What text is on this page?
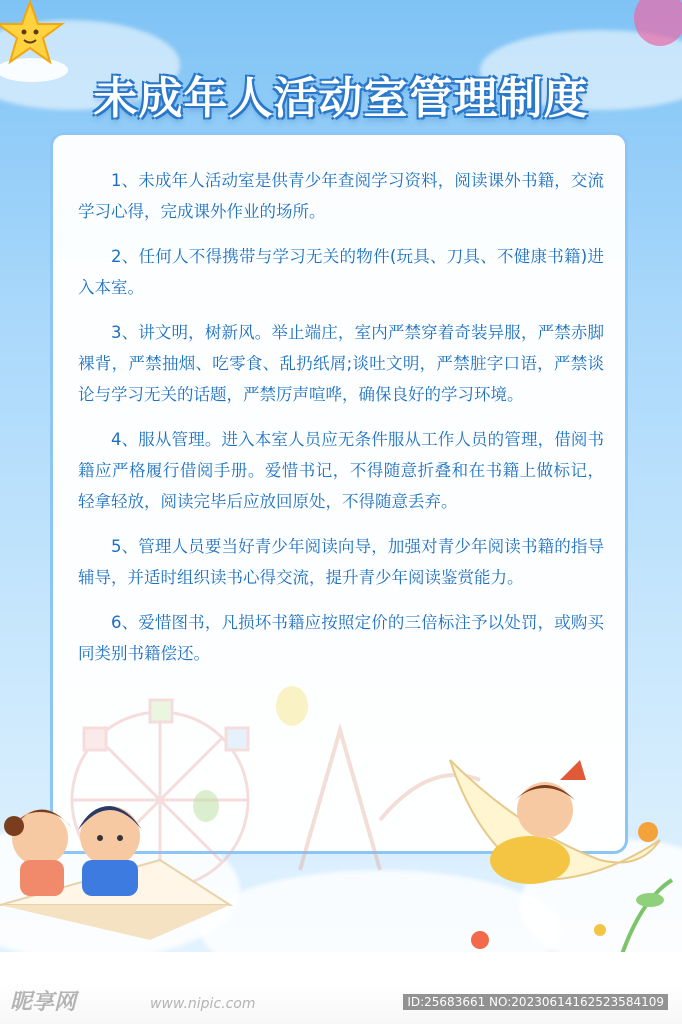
未成年人活动室管理制度

1、未成年人活动室是供青少年查阅学习资料，阅读课外书籍，交流学习心得，完成课外作业的场所。

2、任何人不得携带与学习无关的物件(玩具、刀具、不健康书籍)进入本室。

3、讲文明，树新风。举止端庄，室内严禁穿着奇装异服，严禁赤脚裸背，严禁抽烟、吃零食、乱扔纸屑;谈吐文明，严禁脏字口语，严禁谈论与学习无关的话题，严禁厉声喧哗，确保良好的学习环境。

4、服从管理。进入本室人员应无条件服从工作人员的管理，借阅书籍应严格履行借阅手册。爱惜书记，不得随意折叠和在书籍上做标记，轻拿轻放，阅读完毕后应放回原处，不得随意丢弃。

5、管理人员要当好青少年阅读向导，加强对青少年阅读书籍的指导辅导，并适时组织读书心得交流，提升青少年阅读鉴赏能力。

6、爱惜图书，凡损坏书籍应按照定价的三倍标注予以处罚，或购买同类别书籍偿还。

昵享网	www.nipic.com	ID:25683661 NO:20230614162523584109
